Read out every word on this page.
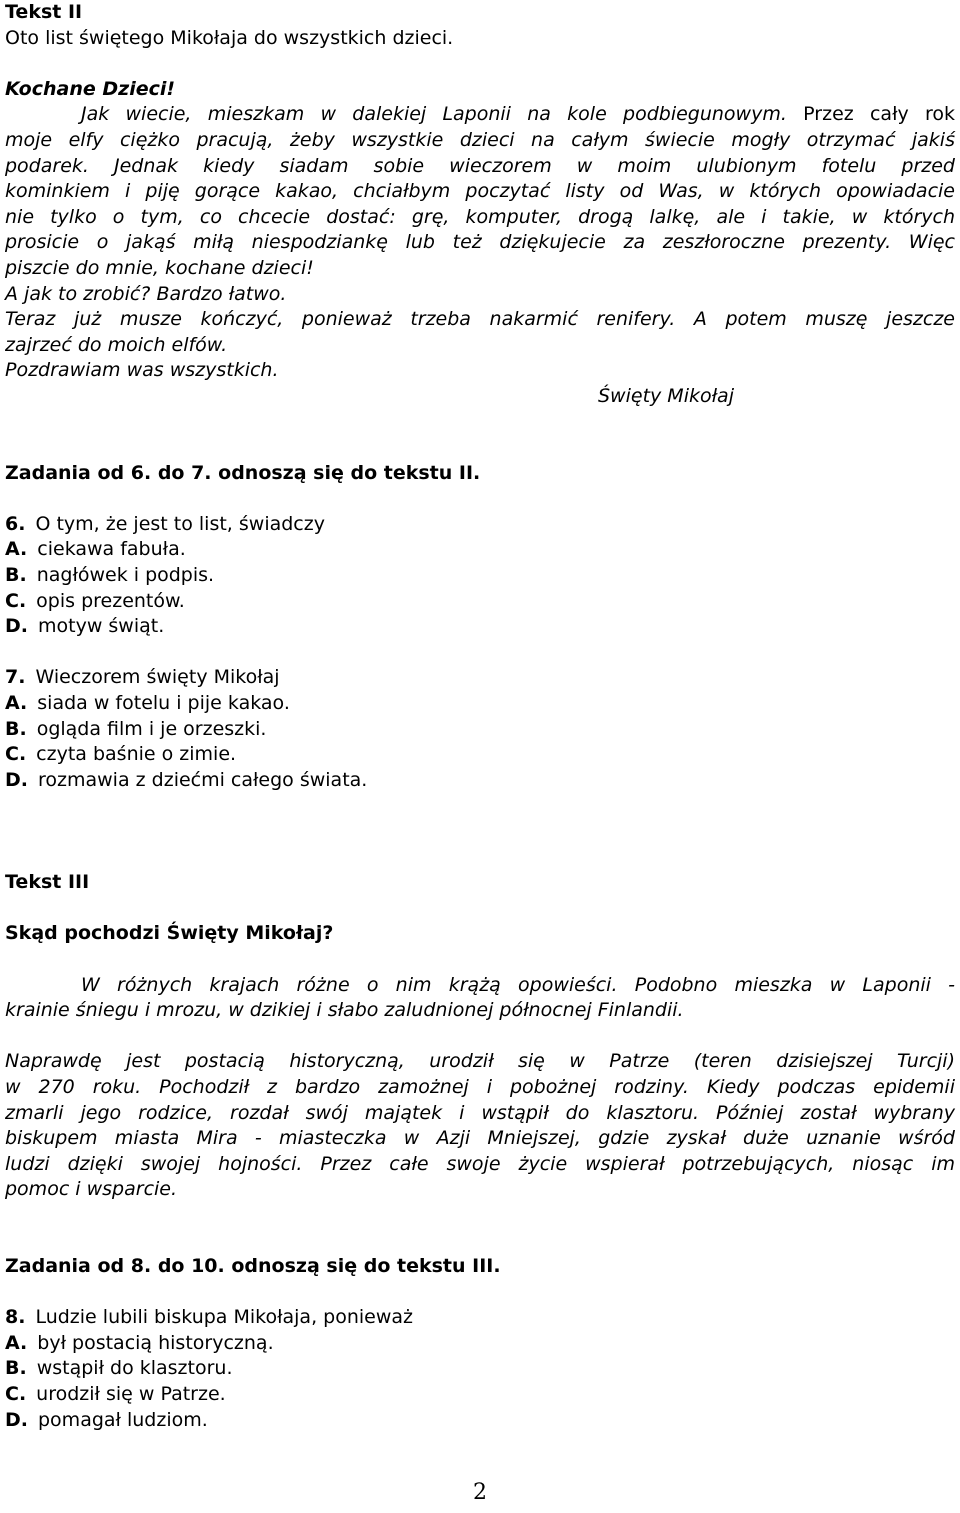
Tekst II
Oto list świętego Mikołaja do wszystkich dzieci.
Kochane Dzieci!
Jak wiecie, mieszkam w dalekiej Laponii na kole podbiegunowym. Przez cały rok
moje elfy ciężko pracują, żeby wszystkie dzieci na całym świecie mogły otrzymać jakiś
podarek. Jednak kiedy siadam sobie wieczorem w moim ulubionym fotelu przed
kominkiem i piję gorące kakao, chciałbym poczytać listy od Was, w których opowiadacie
nie tylko o tym, co chcecie dostać: grę, komputer, drogą lalkę, ale i takie, w których
prosicie o jakąś miłą niespodziankę lub też dziękujecie za zeszłoroczne prezenty. Więc
piszcie do mnie, kochane dzieci!
A jak to zrobić? Bardzo łatwo.
Teraz już musze kończyć, ponieważ trzeba nakarmić renifery. A potem muszę jeszcze
zajrzeć do moich elfów.
Pozdrawiam was wszystkich.
Święty Mikołaj
Zadania od 6. do 7. odnoszą się do tekstu II.
6. O tym, że jest to list, świadczy
A. ciekawa fabuła.
B. nagłówek i podpis.
C. opis prezentów.
D. motyw świąt.
7. Wieczorem święty Mikołaj
A. siada w fotelu i pije kakao.
B. ogląda film i je orzeszki.
C. czyta baśnie o zimie.
D. rozmawia z dziećmi całego świata.
Tekst III
Skąd pochodzi Święty Mikołaj?
W różnych krajach różne o nim krążą opowieści. Podobno mieszka w Laponii -
krainie śniegu i mrozu, w dzikiej i słabo zaludnionej północnej Finlandii.
Naprawdę jest postacią historyczną, urodził się w Patrze (teren dzisiejszej Turcji)
w 270 roku. Pochodził z bardzo zamożnej i pobożnej rodziny. Kiedy podczas epidemii
zmarli jego rodzice, rozdał swój majątek i wstąpił do klasztoru. Później został wybrany
biskupem miasta Mira - miasteczka w Azji Mniejszej, gdzie zyskał duże uznanie wśród
ludzi dzięki swojej hojności. Przez całe swoje życie wspierał potrzebujących, niosąc im
pomoc i wsparcie.
Zadania od 8. do 10. odnoszą się do tekstu III.
8. Ludzie lubili biskupa Mikołaja, ponieważ
A. był postacią historyczną.
B. wstąpił do klasztoru.
C. urodził się w Patrze.
D. pomagał ludziom.
2
